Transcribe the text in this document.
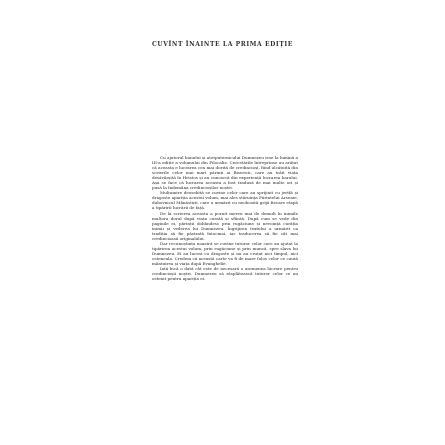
CUVÎNT ÎNAINTE LA PRIMA EDIȚIE

Cu ajutorul bunului și atotputernicului Dumnezeu iese la lumină a III-a ediție a volumului din Filocalie. Cercetările întreprinse au arătat că aceasta e lucrarea cea mai dorită de credincioși, fiind alcătuită din scrierile celor mai mari părinți ai Bisericii, care au trăit viața desăvârșită în Hristos și au cunoscut din experiență lucrarea harului. Așa se face că lucrarea aceasta a fost tradusă de mai multe ori și pusă la îndemâna credincioșilor noștri.

Mulțumire deosebită se cuvine celor care au sprijinit cu jertfă și dragoste apariția acestui volum, mai ales stăruința Părintelui Arsenie, duhovnicul Mânăstirii, care a urmărit cu neobosită grijă fiecare etapă a tipăririi lucrării de față.

De la scrierea aceasta a pornit mereu mai de demult în inimile multora dorul după viața curată și sfântă. După cum se vede din paginile ei, părinții dobândesc prin rugăciune și nevoință curăția inimii și vederea lui Dumnezeu. Îngrijirea textului a urmărit ca tradiția să fie păstrată întocmai, iar traducerea să fie cât mai credincioasă originalului.

Dar recunoștința noastră se cuvine tuturor celor care au ajutat la tipărirea acestui volum, prin rugăciune și prin muncă, spre slava lui Dumnezeu. Ei au lucrat cu dragoste și nu au cruțat nici timpul, nici osteneala. Credem că această carte va fi de mare folos celor ce caută mântuirea și viața după Evanghelie.

Iată încă o dată cât este de necesară o asemenea lucrare pentru credincioșii noștri. Dumnezeu să răsplătească tuturor celor ce au ostenit pentru apariția ei.
